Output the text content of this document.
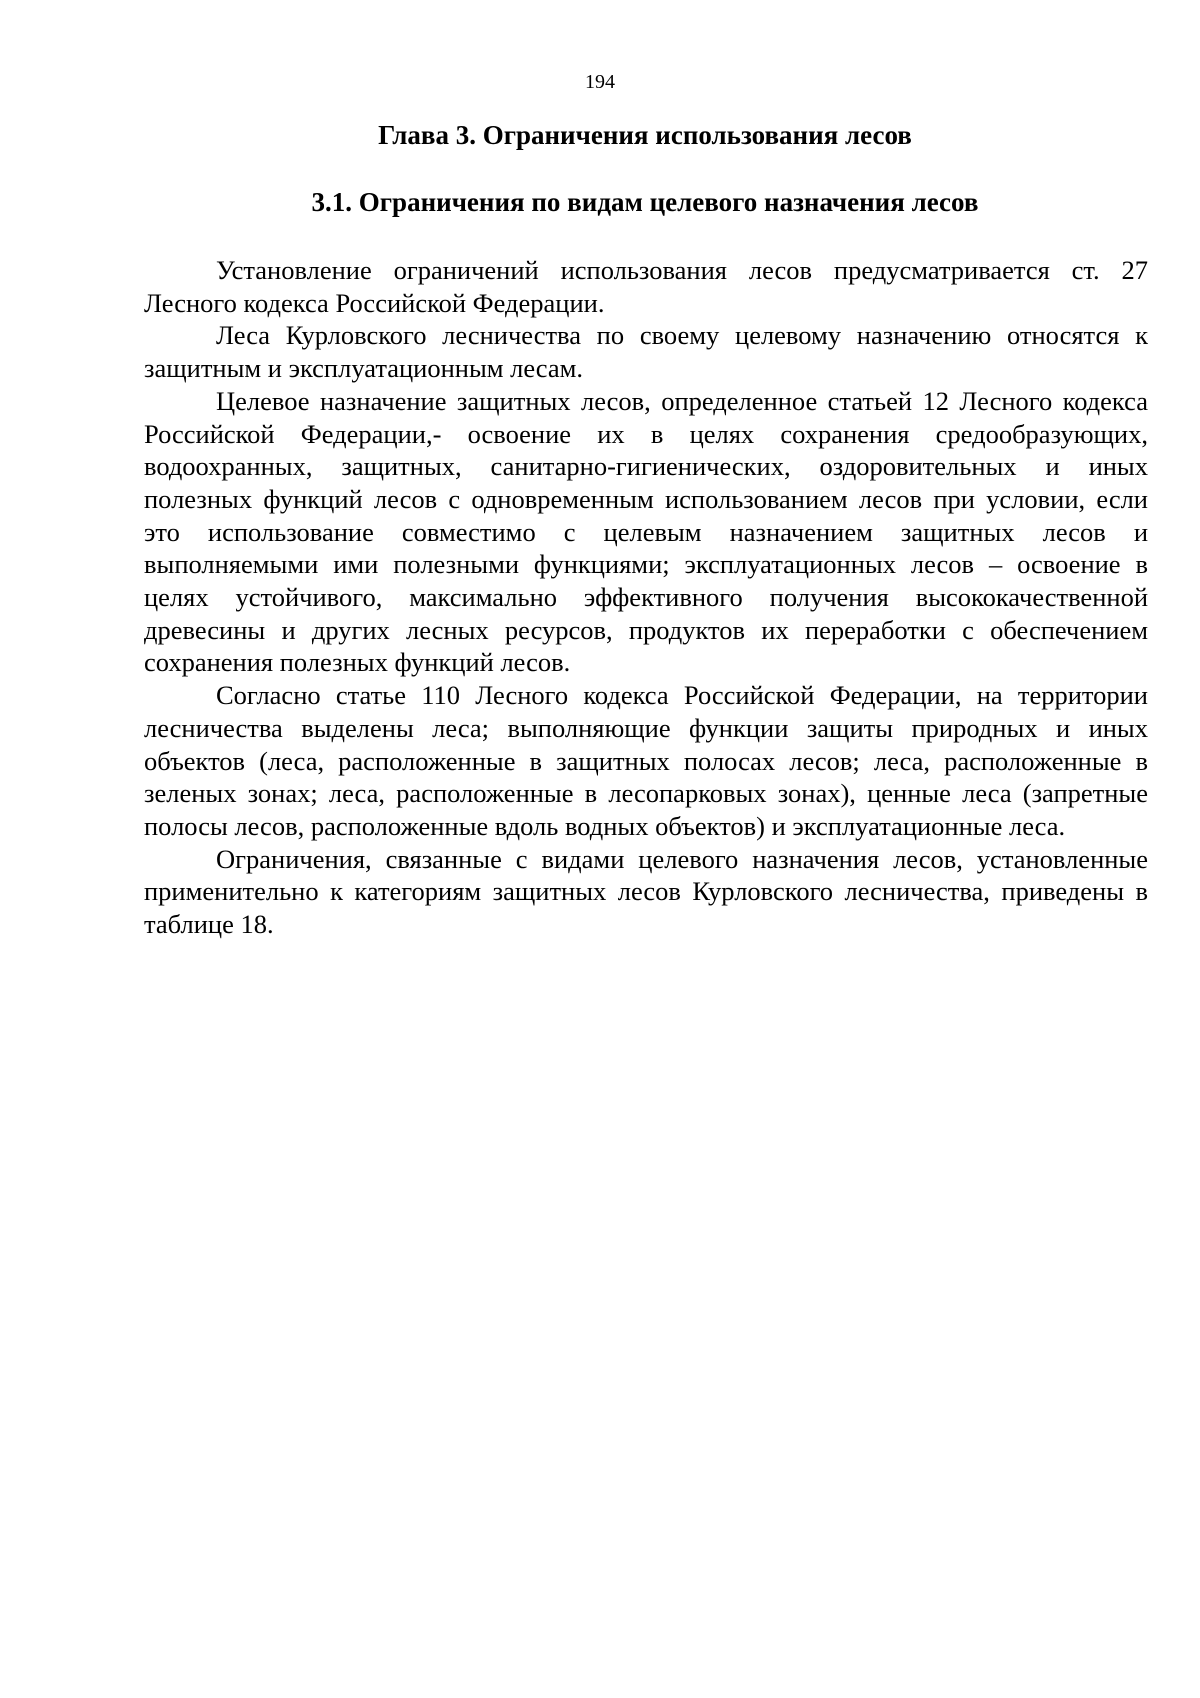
194
Глава 3. Ограничения использования лесов
3.1. Ограничения по видам целевого назначения лесов

Установление ограничений использования лесов предусматривается ст. 27 Лесного кодекса Российской Федерации.

Леса Курловского лесничества по своему целевому назначению относятся к защитным и эксплуатационным лесам.

Целевое назначение защитных лесов, определенное статьей 12 Лесного кодекса Российской Федерации,- освоение их в целях сохранения средообразующих, водоохранных, защитных, санитарно-гигиенических, оздоровительных и иных полезных функций лесов с одновременным использованием лесов при условии, если это использование совместимо с целевым назначением защитных лесов и выполняемыми ими полезными функциями; эксплуатационных лесов – освоение в целях устойчивого, максимально эффективного получения высококачественной древесины и других лесных ресурсов, продуктов их переработки с обеспечением сохранения полезных функций лесов.

Согласно статье 110 Лесного кодекса Российской Федерации, на территории лесничества выделены леса; выполняющие функции защиты природных и иных объектов (леса, расположенные в защитных полосах лесов; леса, расположенные в зеленых зонах; леса, расположенные в лесопарковых зонах), ценные леса (запретные полосы лесов, расположенные вдоль водных объектов) и эксплуатационные леса.

Ограничения, связанные с видами целевого назначения лесов, установленные применительно к категориям защитных лесов Курловского лесничества, приведены в таблице 18.
